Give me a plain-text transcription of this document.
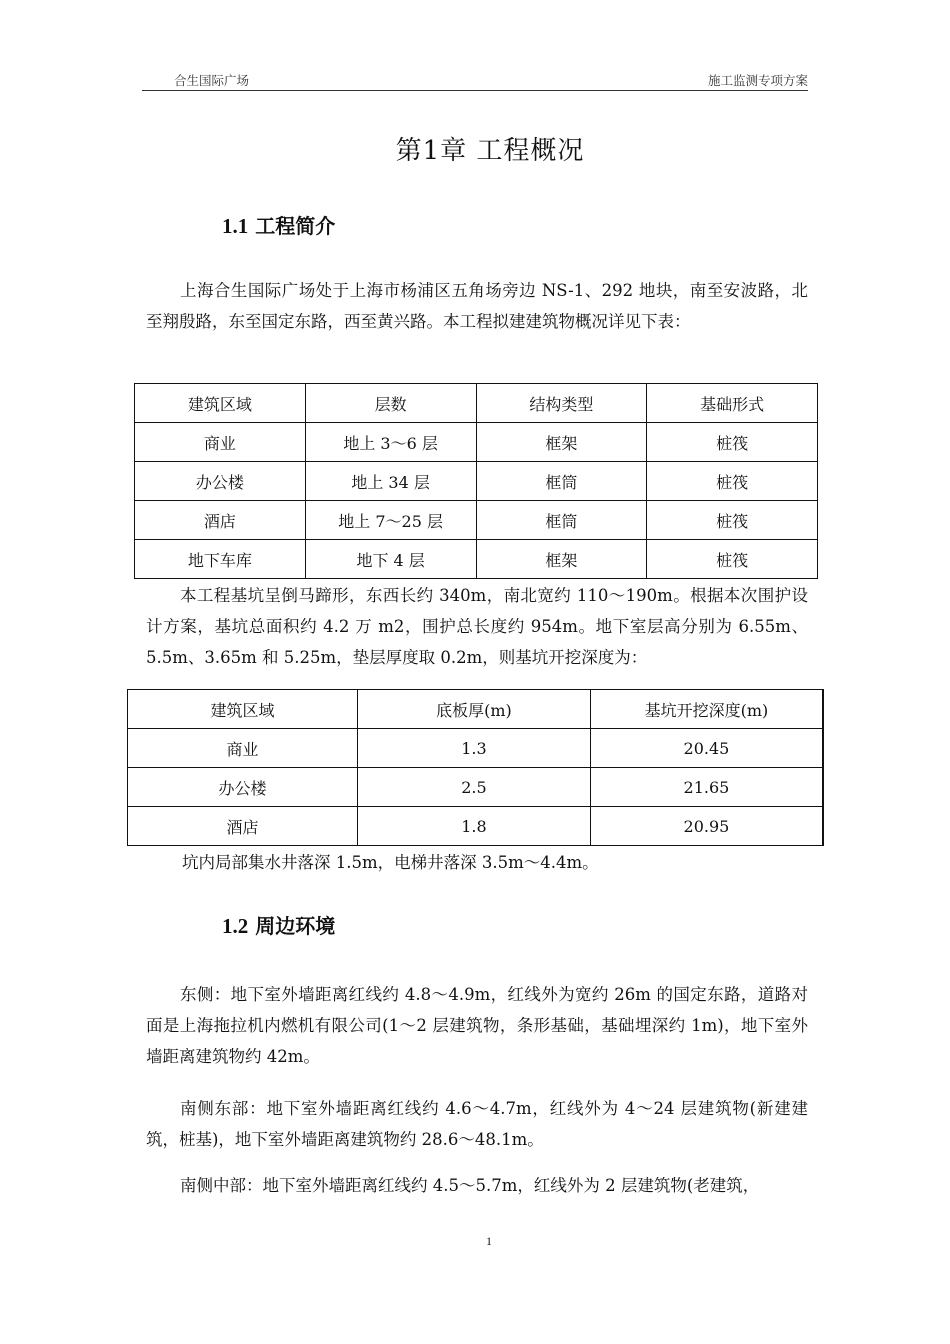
合生国际广场	施工监测专项方案
第1章 工程概况
1.1 工程简介

上海合生国际广场处于上海市杨浦区五角场旁边 NS-1、292 地块，南至安波路，北至翔殷路，东至国定东路，西至黄兴路。本工程拟建建筑物概况详见下表：

建筑区域	层数	结构类型	基础形式
商业	地上 3～6 层	框架	桩筏
办公楼	地上 34 层	框筒	桩筏
酒店	地上 7～25 层	框筒	桩筏
地下车库	地下 4 层	框架	桩筏

本工程基坑呈倒马蹄形，东西长约 340m，南北宽约 110～190m。根据本次围护设计方案，基坑总面积约 4.2 万 m2，围护总长度约 954m。地下室层高分别为 6.55m、5.5m、3.65m 和 5.25m，垫层厚度取 0.2m，则基坑开挖深度为：

建筑区域	底板厚(m)	基坑开挖深度(m)
商业	1.3	20.45
办公楼	2.5	21.65
酒店	1.8	20.95

坑内局部集水井落深 1.5m，电梯井落深 3.5m～4.4m。

1.2 周边环境

东侧：地下室外墙距离红线约 4.8～4.9m，红线外为宽约 26m 的国定东路，道路对面是上海拖拉机内燃机有限公司(1～2 层建筑物，条形基础，基础埋深约 1m)，地下室外墙距离建筑物约 42m。

南侧东部：地下室外墙距离红线约 4.6～4.7m，红线外为 4～24 层建筑物(新建建筑，桩基)，地下室外墙距离建筑物约 28.6～48.1m。

南侧中部：地下室外墙距离红线约 4.5～5.7m，红线外为 2 层建筑物(老建筑，

1
